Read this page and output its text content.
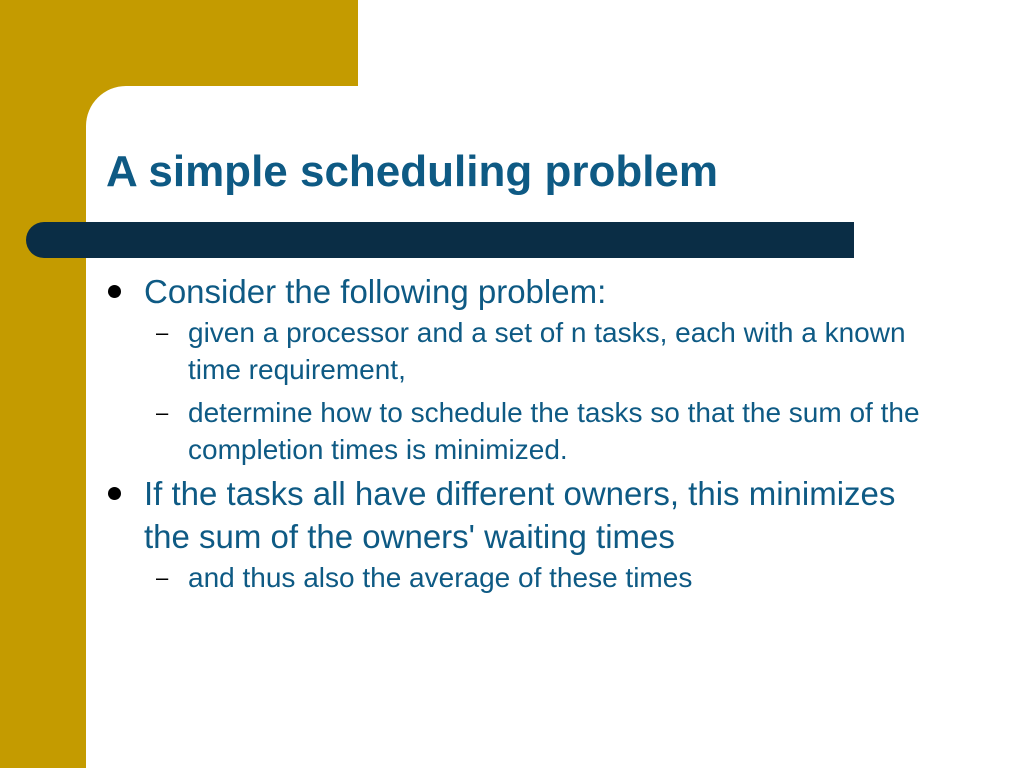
A simple scheduling problem
Consider the following problem:
– given a processor and a set of n tasks, each with a known time requirement,
– determine how to schedule the tasks so that the sum of the completion times is minimized.
If the tasks all have different owners, this minimizes the sum of the owners' waiting times
– and thus also the average of these times
